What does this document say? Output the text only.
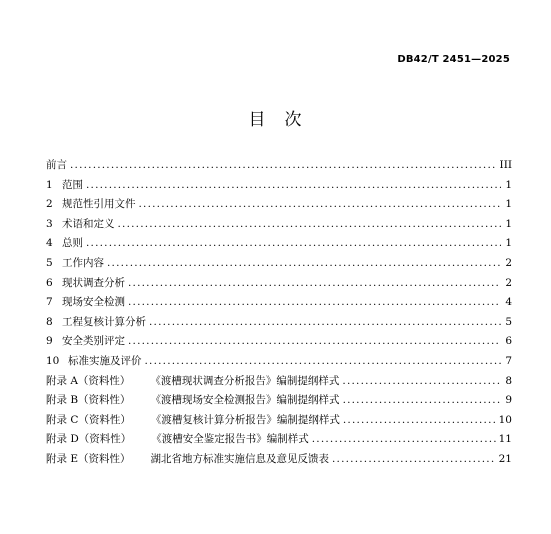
DB42/T 2451—2025
目　次
前言 .....	III
1 范围 .....	1
2 规范性引用文件 .....	1
3 术语和定义 .....	1
4 总则 .....	1
5 工作内容 .....	2
6 现状调查分析 .....	2
7 现场安全检测 .....	4
8 工程复核计算分析 .....	5
9 安全类别评定 .....	6
10 标准实施及评价 .....	7
附录 A（资料性） 《渡槽现状调查分析报告》编制提纲样式 .....	8
附录 B（资料性） 《渡槽现场安全检测报告》编制提纲样式 .....	9
附录 C（资料性） 《渡槽复核计算分析报告》编制提纲样式 .....	10
附录 D（资料性） 《渡槽安全鉴定报告书》编制样式 .....	11
附录 E（资料性） 湖北省地方标准实施信息及意见反馈表 .....	21
